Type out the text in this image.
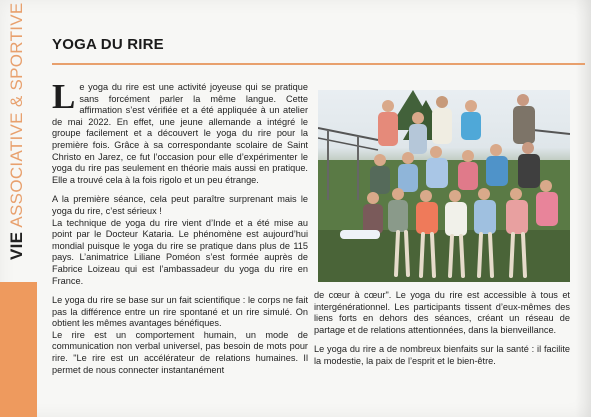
VIE ASSOCIATIVE & SPORTIVE YOGA DU RIRE

Le yoga du rire est une activité joyeuse qui se pratique sans forcément parler la même langue. Cette affirmation s’est vérifiée et a été appliquée à un atelier de mai 2022. En effet, une jeune allemande a intégré le groupe facilement et a découvert le yoga du rire pour la première fois. Grâce à sa correspondante scolaire de Saint Christo en Jarez, ce fut l’occasion pour elle d’expérimenter le yoga du rire pas seulement en théorie mais aussi en pratique. Elle a trouvé cela à la fois rigolo et un peu étrange.

A la première séance, cela peut paraître surprenant mais le yoga du rire, c’est sérieux !

La technique de yoga du rire vient d’Inde et a été mise au point par le Docteur Kataria. Le phénomène est aujourd’hui mondial puisque le yoga du rire se pratique dans plus de 115 pays. L’animatrice Liliane Poméon s’est formée auprès de Fabrice Loizeau qui est l’ambassadeur du yoga du rire en France.

Le yoga du rire se base sur un fait scientifique : le corps ne fait pas la différence entre un rire spontané et un rire simulé. On obtient les mêmes avantages bénéfiques.

Le rire est un comportement humain, un mode de communication non verbal universel, pas besoin de mots pour rire. "Le rire est un accélérateur de relations humaines. Il permet de nous connecter instantanément

de cœur à cœur". Le yoga du rire est accessible à tous et intergénérationnel. Les participants tissent d’eux-mêmes des liens forts en dehors des séances, créant un réseau de partage et de relations attentionnées, dans la bienveillance.

Le yoga du rire a de nombreux bienfaits sur la santé : il facilite la modestie, la paix de l’esprit et le bien-être.
